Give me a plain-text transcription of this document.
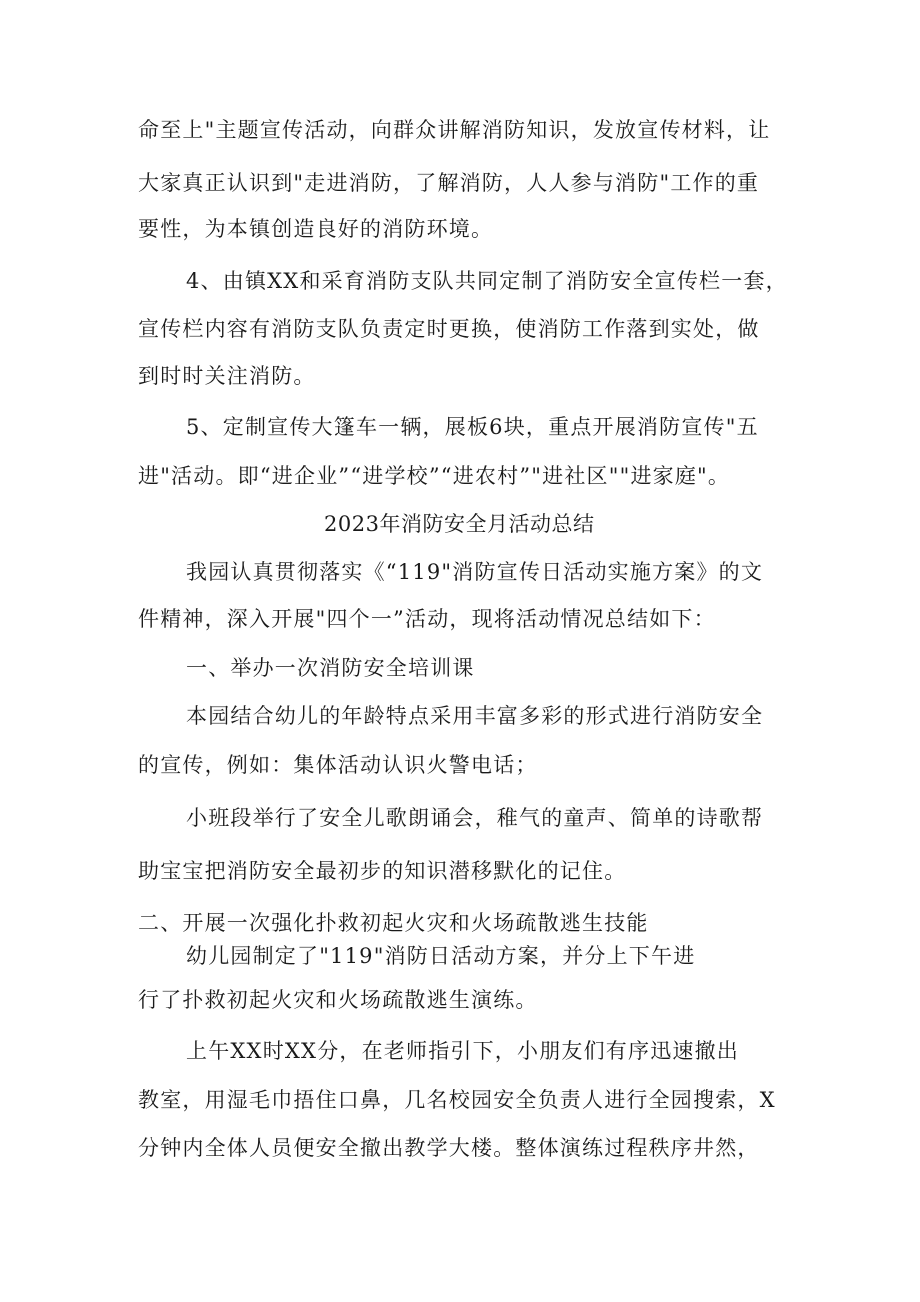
命至上"主题宣传活动，向群众讲解消防知识，发放宣传材料，让
大家真正认识到"走进消防，了解消防，人人参与消防"工作的重
要性，为本镇创造良好的消防环境。
4、由镇XX和采育消防支队共同定制了消防安全宣传栏一套，
宣传栏内容有消防支队负责定时更换，使消防工作落到实处，做
到时时关注消防。
5、定制宣传大篷车一辆，展板6块，重点开展消防宣传"五
进"活动。即“进企业”“进学校”“进农村”"进社区""进家庭"。
2023年消防安全月活动总结
我园认真贯彻落实《“119"消防宣传日活动实施方案》的文
件精神，深入开展"四个一”活动，现将活动情况总结如下：
一、举办一次消防安全培训课
本园结合幼儿的年龄特点采用丰富多彩的形式进行消防安全
的宣传，例如：集体活动认识火警电话；
小班段举行了安全儿歌朗诵会，稚气的童声、简单的诗歌帮
助宝宝把消防安全最初步的知识潜移默化的记住。
二、开展一次强化扑救初起火灾和火场疏散逃生技能
幼儿园制定了"119"消防日活动方案，并分上下午进
行了扑救初起火灾和火场疏散逃生演练。
上午XX时XX分，在老师指引下，小朋友们有序迅速撤出
教室，用湿毛巾捂住口鼻，几名校园安全负责人进行全园搜索，X
分钟内全体人员便安全撤出教学大楼。整体演练过程秩序井然，
